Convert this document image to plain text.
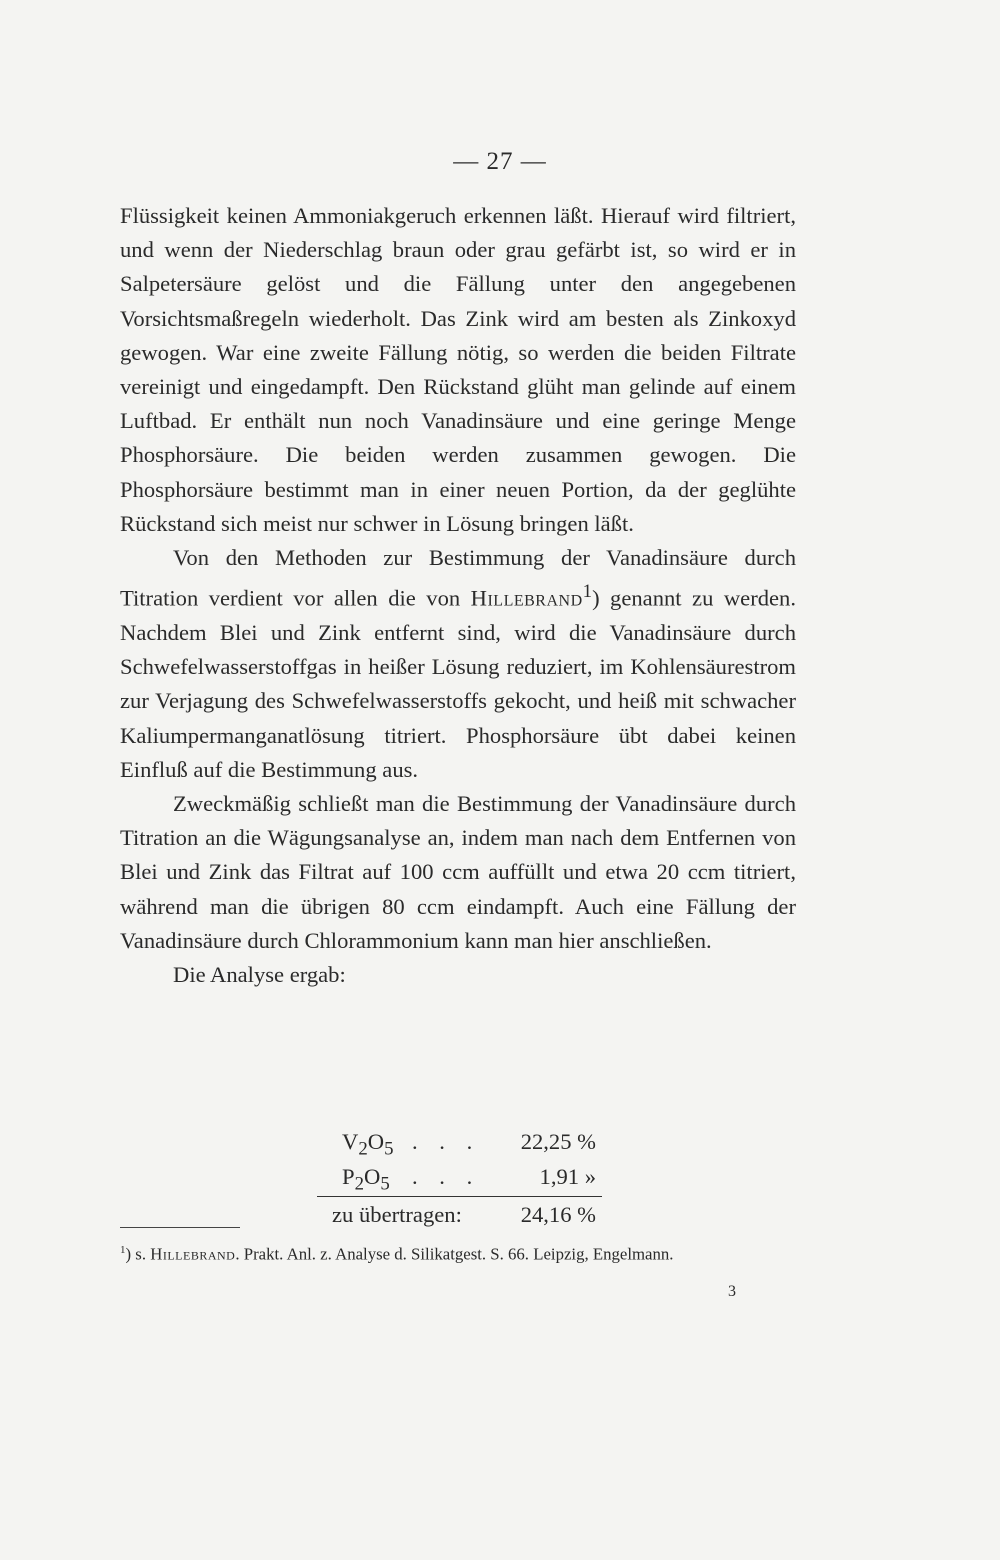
— 27 —

Flüssigkeit keinen Ammoniakgeruch erkennen läßt. Hierauf wird filtriert, und wenn der Niederschlag braun oder grau gefärbt ist, so wird er in Salpetersäure gelöst und die Fällung unter den angegebenen Vorsichtsmaßregeln wiederholt. Das Zink wird am besten als Zinkoxyd gewogen. War eine zweite Fällung nötig, so werden die beiden Filtrate vereinigt und eingedampft. Den Rückstand glüht man gelinde auf einem Luftbad. Er enthält nun noch Vanadinsäure und eine geringe Menge Phosphorsäure. Die beiden werden zusammen gewogen. Die Phosphorsäure bestimmt man in einer neuen Portion, da der geglühte Rückstand sich meist nur schwer in Lösung bringen läßt.

Von den Methoden zur Bestimmung der Vanadinsäure durch Titration verdient vor allen die von Hillebrand$^1$) genannt zu werden. Nachdem Blei und Zink entfernt sind, wird die Vanadinsäure durch Schwefelwasserstoffgas in heißer Lösung reduziert, im Kohlensäurestrom zur Verjagung des Schwefelwasserstoffs gekocht, und heiß mit schwacher Kaliumpermanganatlösung titriert. Phosphorsäure übt dabei keinen Einfluß auf die Bestimmung aus.

Zweckmäßig schließt man die Bestimmung der Vanadinsäure durch Titration an die Wägungsanalyse an, indem man nach dem Entfernen von Blei und Zink das Filtrat auf 100 ccm auffüllt und etwa 20 ccm titriert, während man die übrigen 80 ccm eindampft. Auch eine Fällung der Vanadinsäure durch Chlorammonium kann man hier anschließen.

Die Analyse ergab:

$V_2O_5$ . . . 22,25 %
$P_2O_5$ . . .	1,91 »
zu übertragen:	24,16 %
$^1$) s. Hillebrand. Prakt. Anl. z. Analyse d. Silikatgest. S. 66. Leipzig, Engelmann.
3
